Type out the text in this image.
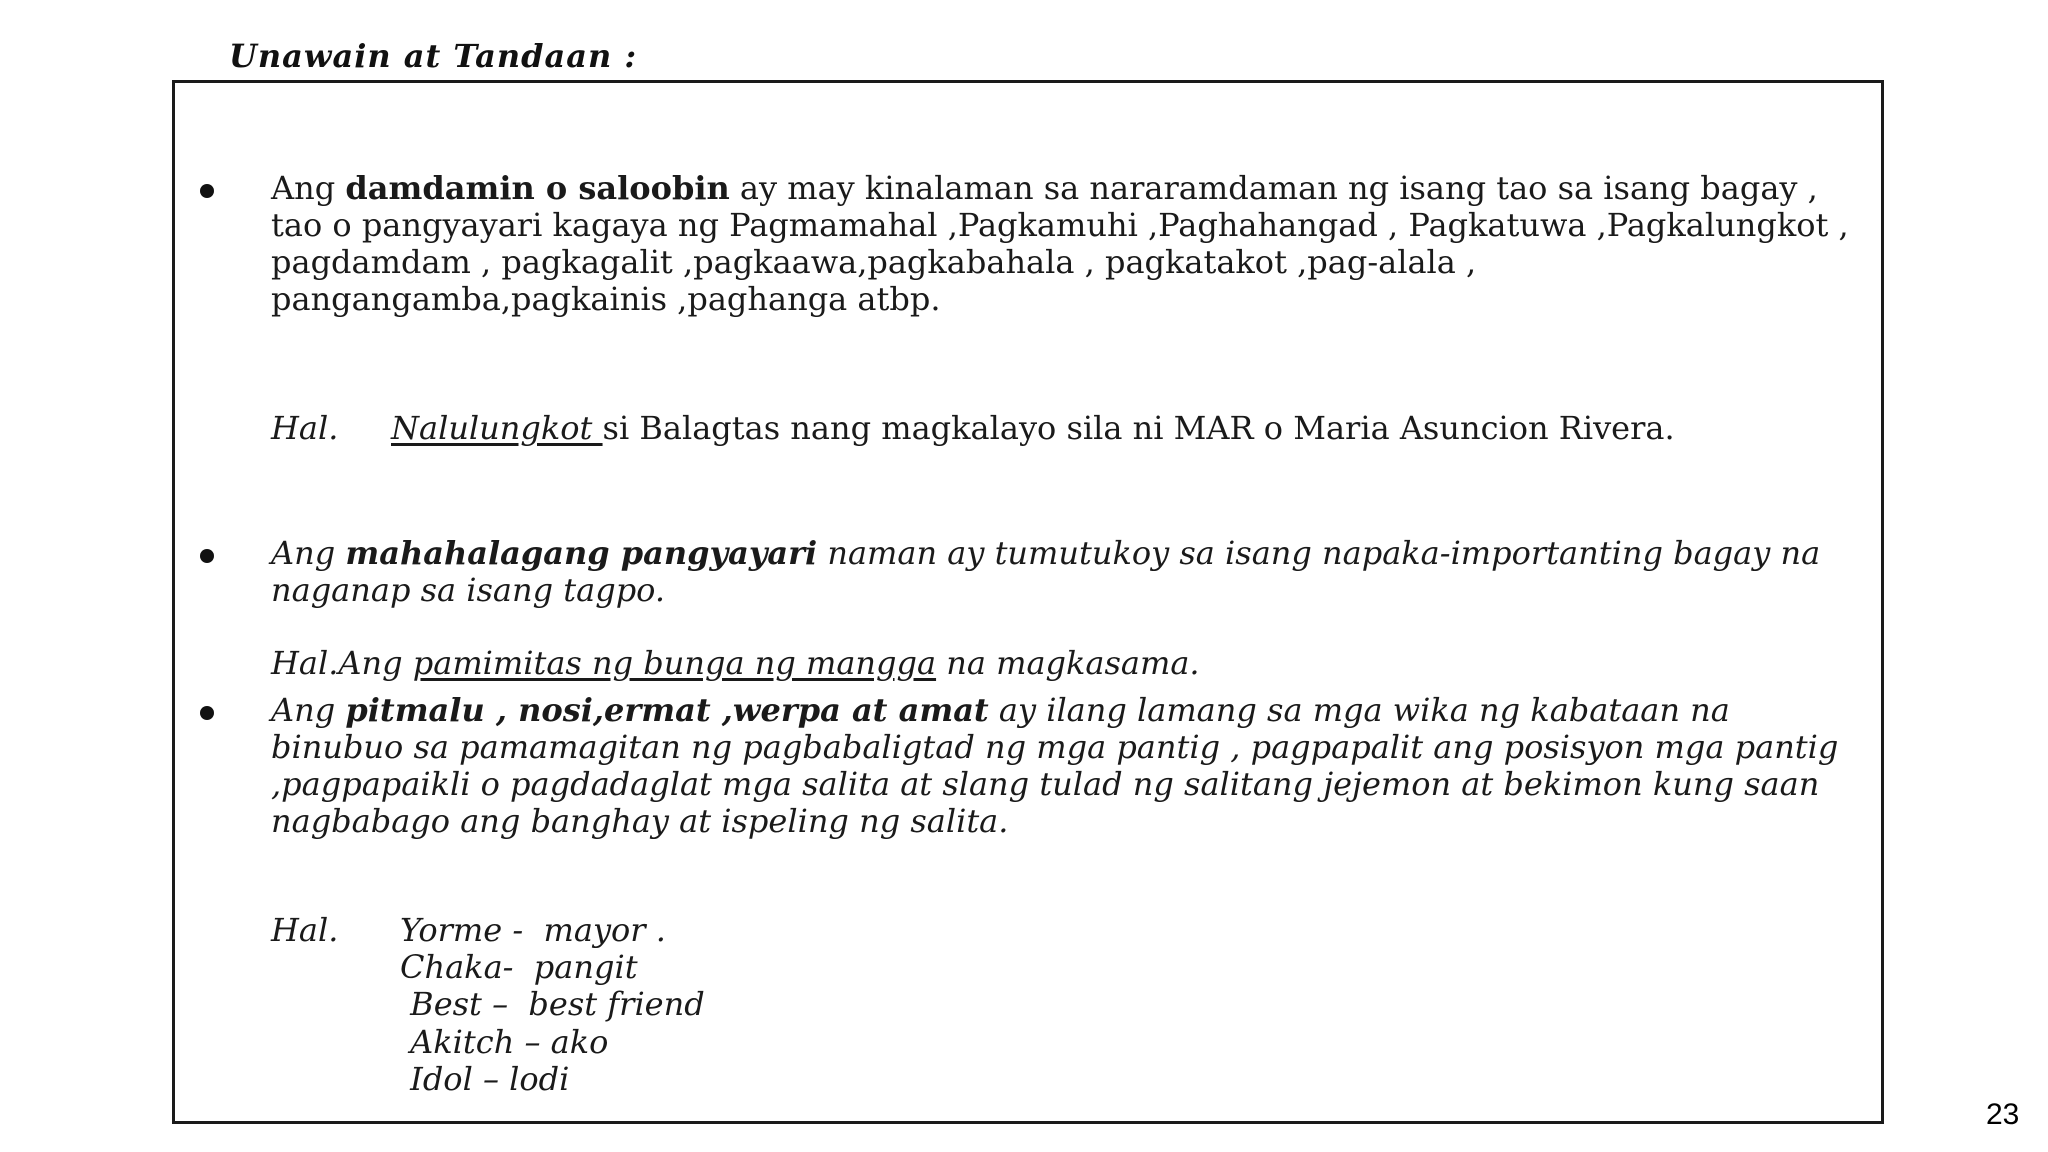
Unawain at Tandaan :

Ang damdamin o saloobin ay may kinalaman sa nararamdaman ng isang tao sa isang bagay , tao o pangyayari kagaya ng Pagmamahal ,Pagkamuhi ,Paghahangad , Pagkatuwa ,Pagkalungkot , pagdamdam , pagkagalit ,pagkaawa,pagkabahala , pagkatakot ,pag-alala , pangangamba,pagkainis ,paghanga atbp.

Hal. Nalulungkot si Balagtas nang magkalayo sila ni MAR o Maria Asuncion Rivera.

Ang mahahalagang pangyayari naman ay tumutukoy sa isang napaka-importanting bagay na naganap sa isang tagpo.

Hal.Ang pamimitas ng bunga ng mangga na magkasama.

Ang pitmalu , nosi,ermat ,werpa at amat ay ilang lamang sa mga wika ng kabataan na binubuo sa pamamagitan ng pagbabaligtad ng mga pantig , pagpapalit ang posisyon mga pantig ,pagpapaikli o pagdadaglat mga salita at slang tulad ng salitang jejemon at bekimon kung saan nagbabago ang banghay at ispeling ng salita.

Hal. Yorme -  mayor .

Chaka-  pangit

Best –  best friend

Akitch – ako

Idol – lodi

23
